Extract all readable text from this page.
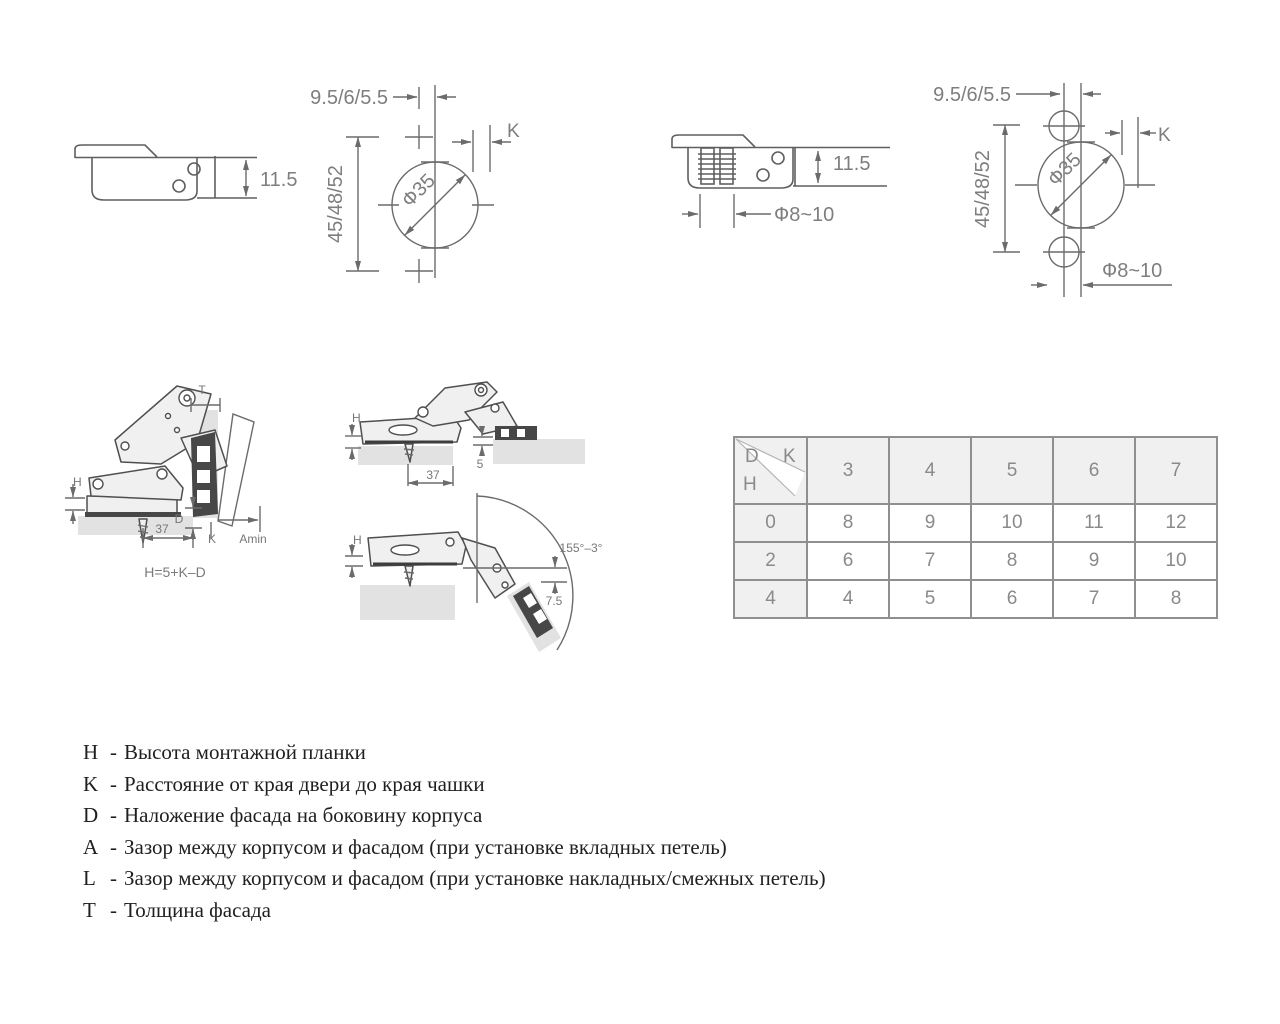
11.5
9.5/6/5.5
45/48/52	Ф35
K
11.5
Ф8~10
9.5/6/5.5
45/48/52 Ф35
K
Ф8~10
T
H
D
37
K Amin
H=5+K–D
H
5
37
155°–3°
H
7.5
D K
H	3	4	5	6	7
0	8	9	10	11	12
2	6	7	8	9	10
4	4	5	6	7	8
H - Высота монтажной планки
K - Расстояние от края двери до края чашки
D - Наложение фасада на боковину корпуса
A - Зазор между корпусом и фасадом (при установке вкладных петель)
L - Зазор между корпусом и фасадом (при установке накладных/смежных петель)
T - Толщина фасада
